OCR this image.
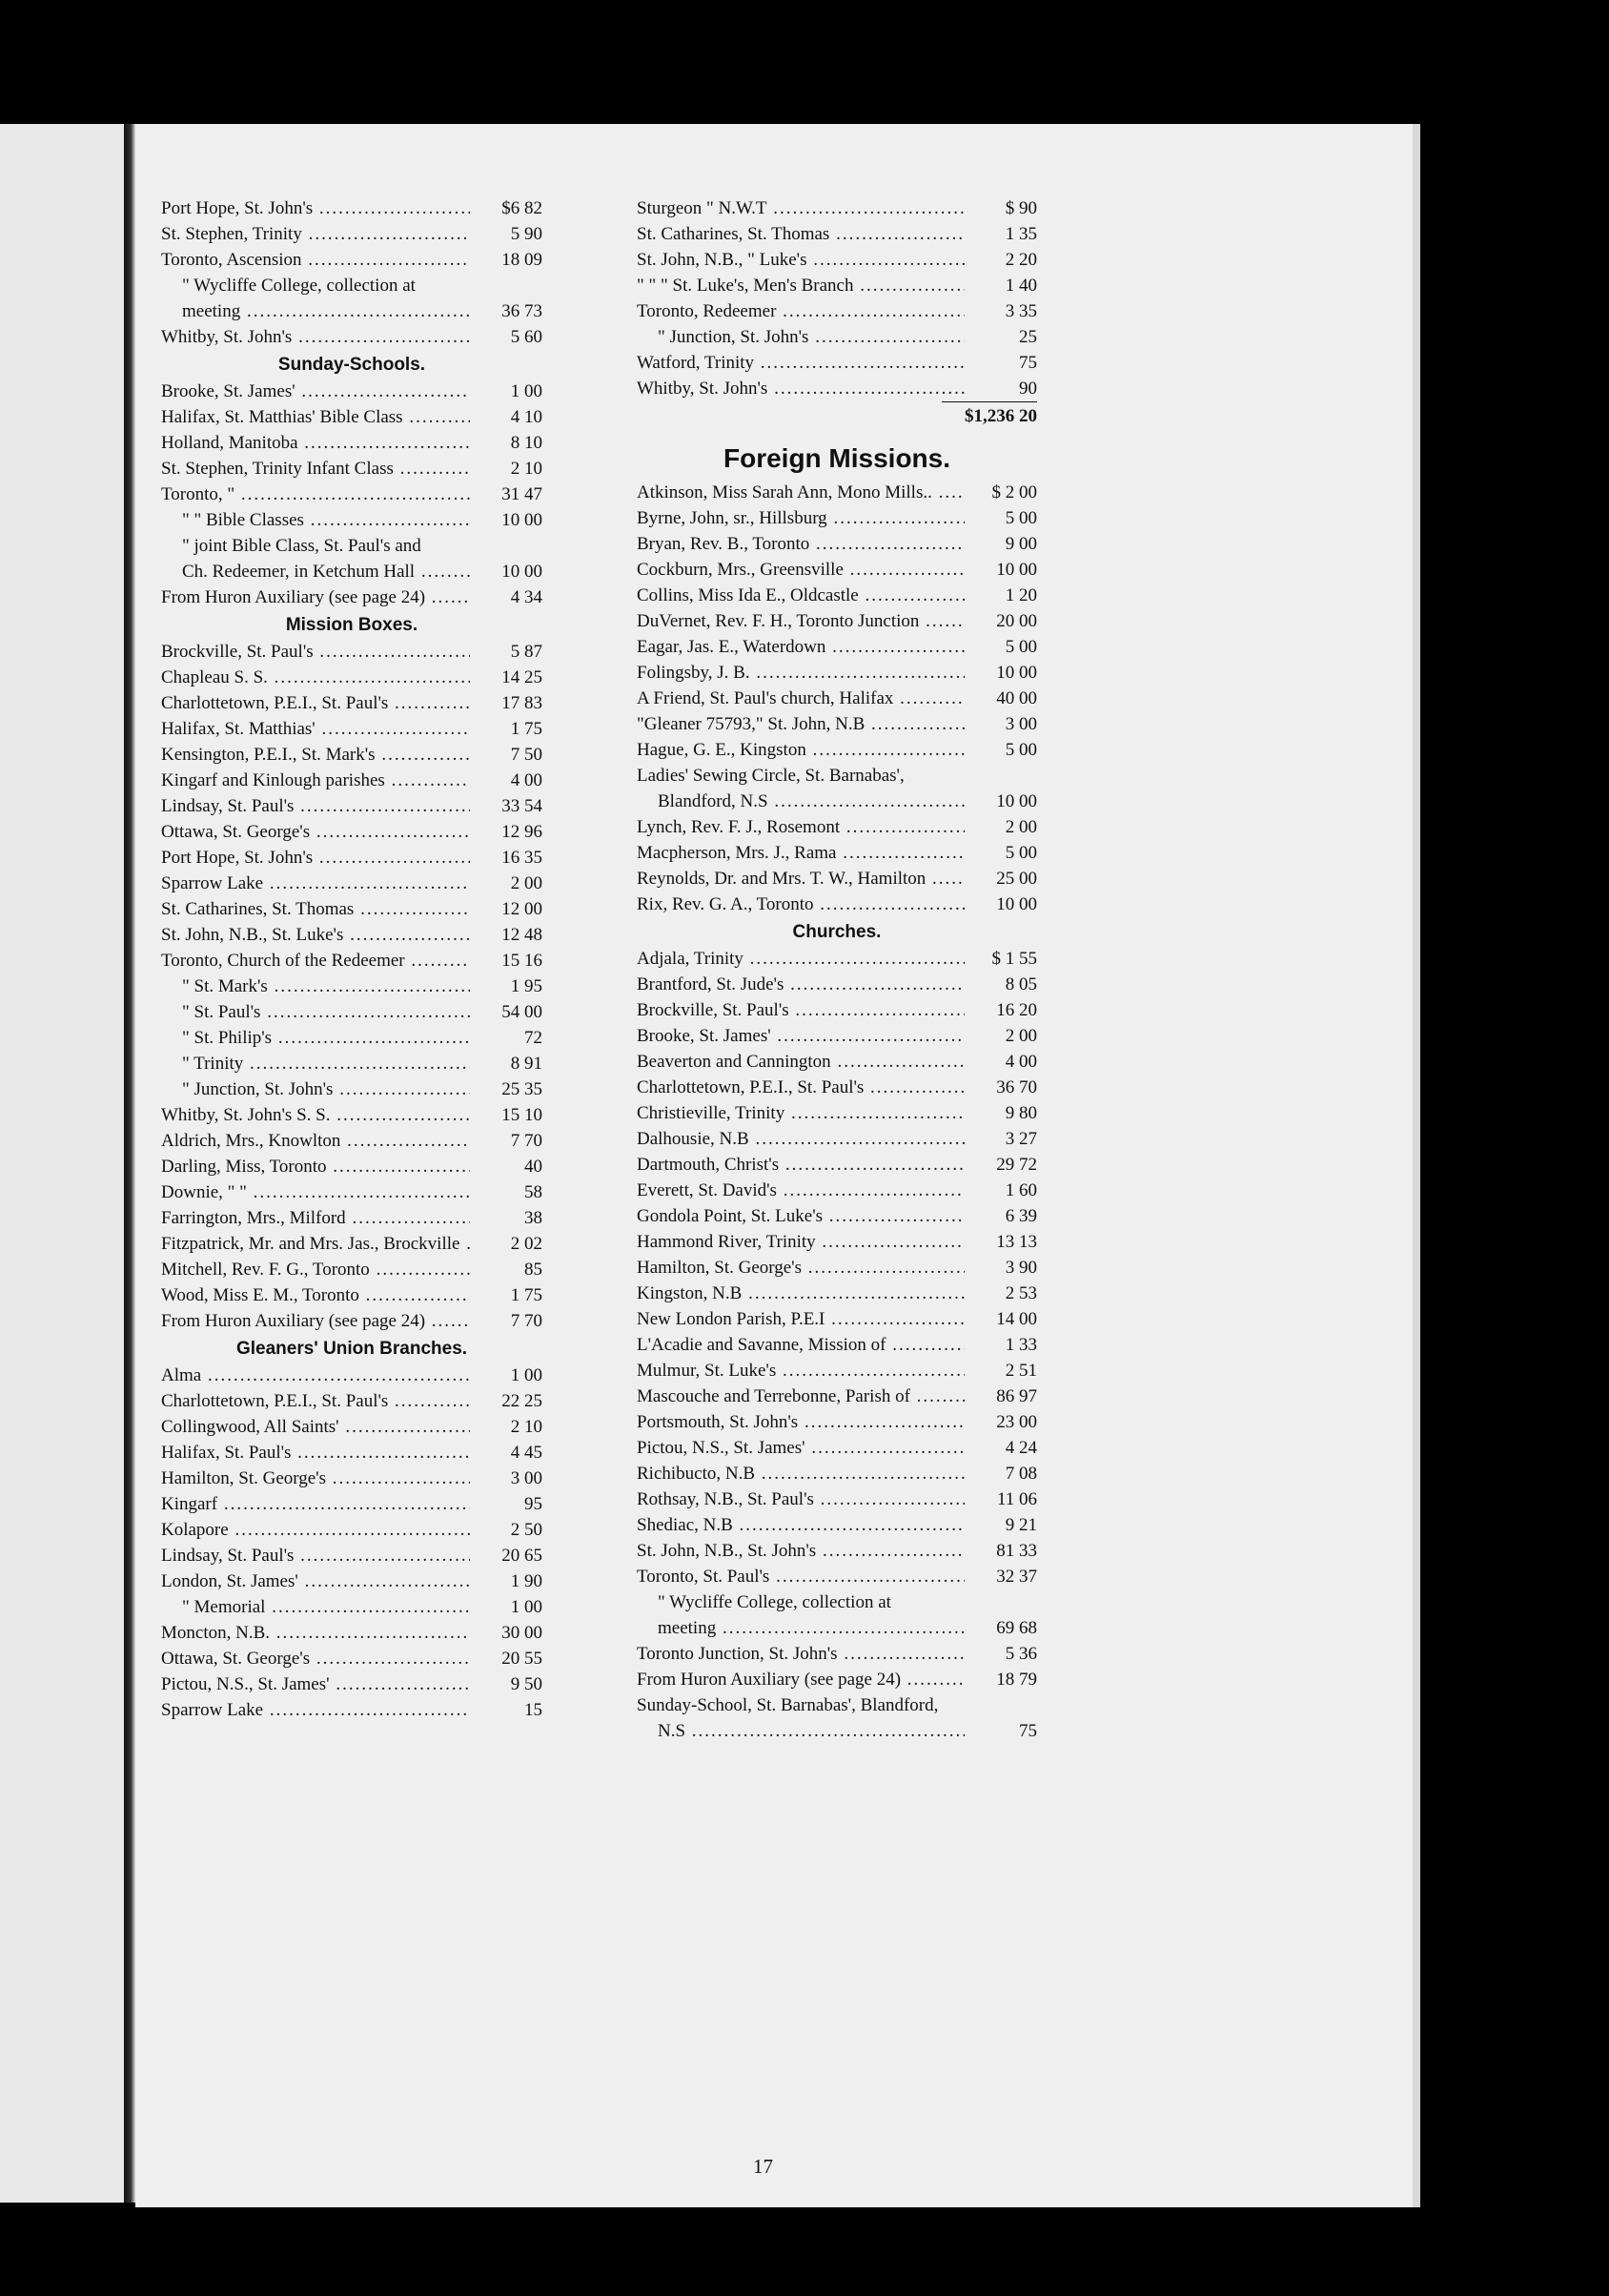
Port Hope, St. John's .....	$6 82
St. Stephen, Trinity .....	5 90
Toronto, Ascension .....	18 09
" Wycliffe College, collection at
meeting .....	36 73
Whitby, St. John's .....	5 60
Sunday-Schools.
Brooke, St. James' .....	1 00
Halifax, St. Matthias' Bible Class .....	4 10
Holland, Manitoba .....	8 10
St. Stephen, Trinity Infant Class .....	2 10
Toronto, " .....	31 47
" " Bible Classes .....	10 00
" joint Bible Class, St. Paul's and
Ch. Redeemer, in Ketchum Hall .....	10 00
From Huron Auxiliary (see page 24) .....	4 34
Mission Boxes.
Brockville, St. Paul's .....	5 87
Chapleau S. S. .....	14 25
Charlottetown, P.E.I., St. Paul's .....	17 83
Halifax, St. Matthias' .....	1 75
Kensington, P.E.I., St. Mark's .....	7 50
Kingarf and Kinlough parishes .....	4 00
Lindsay, St. Paul's .....	33 54
Ottawa, St. George's .....	12 96
Port Hope, St. John's .....	16 35
Sparrow Lake .....	2 00
St. Catharines, St. Thomas .....	12 00
St. John, N.B., St. Luke's .....	12 48
Toronto, Church of the Redeemer .....	15 16
" St. Mark's .....	1 95
" St. Paul's .....	54 00
" St. Philip's .....	72
" Trinity .....	8 91
" Junction, St. John's .....	25 35
Whitby, St. John's S. S. .....	15 10
Aldrich, Mrs., Knowlton .....	7 70
Darling, Miss, Toronto .....	40
Downie, " " .....	58
Farrington, Mrs., Milford .....	38
Fitzpatrick, Mr. and Mrs. Jas., Brockville .....	2 02
Mitchell, Rev. F. G., Toronto .....	85
Wood, Miss E. M., Toronto .....	1 75
From Huron Auxiliary (see page 24) .....	7 70
Gleaners' Union Branches.
Alma .....	1 00
Charlottetown, P.E.I., St. Paul's .....	22 25
Collingwood, All Saints' .....	2 10
Halifax, St. Paul's .....	4 45
Hamilton, St. George's .....	3 00
Kingarf .....	95
Kolapore .....	2 50
Lindsay, St. Paul's .....	20 65
London, St. James' .....	1 90
" Memorial .....	1 00
Moncton, N.B. .....	30 00
Ottawa, St. George's .....	20 55
Pictou, N.S., St. James' .....	9 50
Sparrow Lake .....	15
Sturgeon " N.W.T .....	$ 90
St. Catharines, St. Thomas .....	1 35
St. John, N.B., " Luke's .....	2 20
" " " St. Luke's, Men's Branch .....	1 40
Toronto, Redeemer .....	3 35
" Junction, St. John's .....	25
Watford, Trinity .....	75
Whitby, St. John's .....	90
$1,236 20
Foreign Missions.
Atkinson, Miss Sarah Ann, Mono Mills.. .....	$ 2 00
Byrne, John, sr., Hillsburg .....	5 00
Bryan, Rev. B., Toronto .....	9 00
Cockburn, Mrs., Greensville .....	10 00
Collins, Miss Ida E., Oldcastle .....	1 20
DuVernet, Rev. F. H., Toronto Junction .....	20 00
Eagar, Jas. E., Waterdown .....	5 00
Folingsby, J. B. .....	10 00
A Friend, St. Paul's church, Halifax .....	40 00
"Gleaner 75793," St. John, N.B .....	3 00
Hague, G. E., Kingston .....	5 00
Ladies' Sewing Circle, St. Barnabas',
Blandford, N.S .....	10 00
Lynch, Rev. F. J., Rosemont .....	2 00
Macpherson, Mrs. J., Rama .....	5 00
Reynolds, Dr. and Mrs. T. W., Hamilton .....	25 00
Rix, Rev. G. A., Toronto .....	10 00
Churches.
Adjala, Trinity .....	$ 1 55
Brantford, St. Jude's .....	8 05
Brockville, St. Paul's .....	16 20
Brooke, St. James' .....	2 00
Beaverton and Cannington .....	4 00
Charlottetown, P.E.I., St. Paul's .....	36 70
Christieville, Trinity .....	9 80
Dalhousie, N.B .....	3 27
Dartmouth, Christ's .....	29 72
Everett, St. David's .....	1 60
Gondola Point, St. Luke's .....	6 39
Hammond River, Trinity .....	13 13
Hamilton, St. George's .....	3 90
Kingston, N.B .....	2 53
New London Parish, P.E.I .....	14 00
L'Acadie and Savanne, Mission of .....	1 33
Mulmur, St. Luke's .....	2 51
Mascouche and Terrebonne, Parish of .....	86 97
Portsmouth, St. John's .....	23 00
Pictou, N.S., St. James' .....	4 24
Richibucto, N.B .....	7 08
Rothsay, N.B., St. Paul's .....	11 06
Shediac, N.B .....	9 21
St. John, N.B., St. John's .....	81 33
Toronto, St. Paul's .....	32 37
" Wycliffe College, collection at
meeting .....	69 68
Toronto Junction, St. John's .....	5 36
From Huron Auxiliary (see page 24) .....	18 79
Sunday-School, St. Barnabas', Blandford,
N.S .....	75
17
